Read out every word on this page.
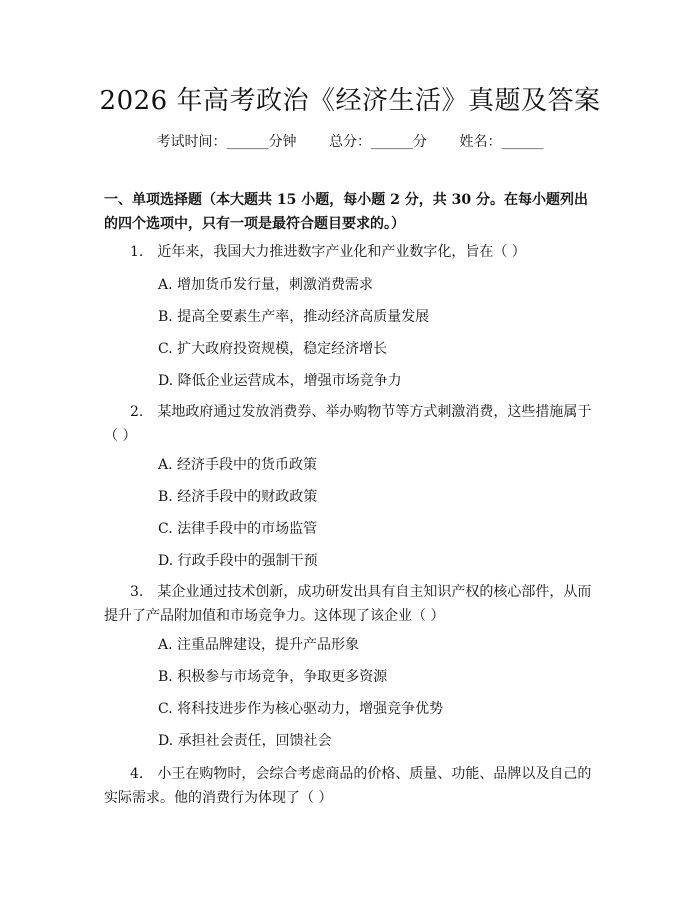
2026 年高考政治《经济生活》真题及答案
考试时间：______分钟 总分：______分 姓名：______
一、单项选择题（本大题共 15 小题，每小题 2 分，共 30 分。在每小题列出的四个选项中，只有一项是最符合题目要求的。）
1.　近年来，我国大力推进数字产业化和产业数字化，旨在（ ）
A. 增加货币发行量，刺激消费需求
B. 提高全要素生产率，推动经济高质量发展
C. 扩大政府投资规模，稳定经济增长
D. 降低企业运营成本，增强市场竞争力
2.　某地政府通过发放消费券、举办购物节等方式刺激消费，这些措施属于（ ）
A. 经济手段中的货币政策
B. 经济手段中的财政政策
C. 法律手段中的市场监管
D. 行政手段中的强制干预
3.　某企业通过技术创新，成功研发出具有自主知识产权的核心部件，从而提升了产品附加值和市场竞争力。这体现了该企业（ ）
A. 注重品牌建设，提升产品形象
B. 积极参与市场竞争，争取更多资源
C. 将科技进步作为核心驱动力，增强竞争优势
D. 承担社会责任，回馈社会
4.　小王在购物时，会综合考虑商品的价格、质量、功能、品牌以及自己的实际需求。他的消费行为体现了（ ）
